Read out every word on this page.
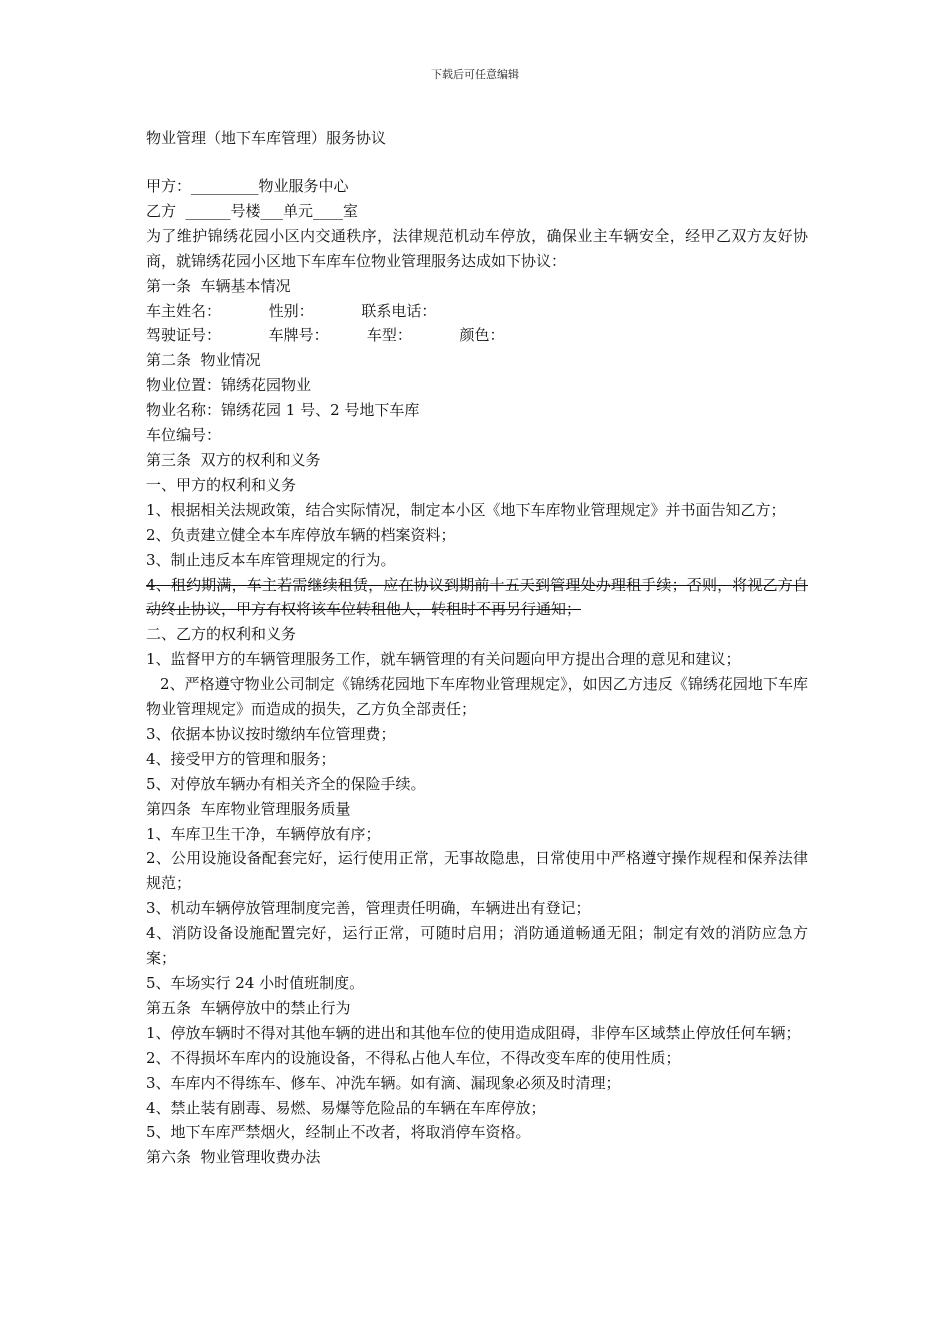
下载后可任意编辑
物业管理（地下车库管理）服务协议

甲方：_________物业服务中心

乙方  ______号楼___单元____室

为了维护锦绣花园小区内交通秩序，法律规范机动车停放，确保业主车辆安全，经甲乙双方友好协商，就锦绣花园小区地下车库车位物业管理服务达成如下协议：

第一条  车辆基本情况

车主姓名：          性别：          联系电话：

驾驶证号：          车牌号：        车型：          颜色：

第二条  物业情况

物业位置：锦绣花园物业

物业名称：锦绣花园 1 号、2 号地下车库

车位编号：

第三条  双方的权利和义务

一、甲方的权利和义务

1、根据相关法规政策，结合实际情况，制定本小区《地下车库物业管理规定》并书面告知乙方；

2、负责建立健全本车库停放车辆的档案资料；

3、制止违反本车库管理规定的行为。

4、租约期满，车主若需继续租赁，应在协议到期前十五天到管理处办理租手续；否则，将视乙方自动终止协议，甲方有权将该车位转租他人，转租时不再另行通知；

二、乙方的权利和义务

1、监督甲方的车辆管理服务工作，就车辆管理的有关问题向甲方提出合理的意见和建议；

2、严格遵守物业公司制定《锦绣花园地下车库物业管理规定》，如因乙方违反《锦绣花园地下车库物业管理规定》而造成的损失，乙方负全部责任；

3、依据本协议按时缴纳车位管理费；

4、接受甲方的管理和服务；

5、对停放车辆办有相关齐全的保险手续。

第四条  车库物业管理服务质量

1、车库卫生干净，车辆停放有序；

2、公用设施设备配套完好，运行使用正常，无事故隐患，日常使用中严格遵守操作规程和保养法律规范；

3、机动车辆停放管理制度完善，管理责任明确，车辆进出有登记；

4、消防设备设施配置完好，运行正常，可随时启用；消防通道畅通无阻；制定有效的消防应急方案；

5、车场实行 24 小时值班制度。

第五条  车辆停放中的禁止行为

1、停放车辆时不得对其他车辆的进出和其他车位的使用造成阻碍，非停车区域禁止停放任何车辆；

2、不得损坏车库内的设施设备，不得私占他人车位，不得改变车库的使用性质；

3、车库内不得练车、修车、冲洗车辆。如有滴、漏现象必须及时清理；

4、禁止装有剧毒、易燃、易爆等危险品的车辆在车库停放；

5、地下车库严禁烟火，经制止不改者，将取消停车资格。

第六条  物业管理收费办法
